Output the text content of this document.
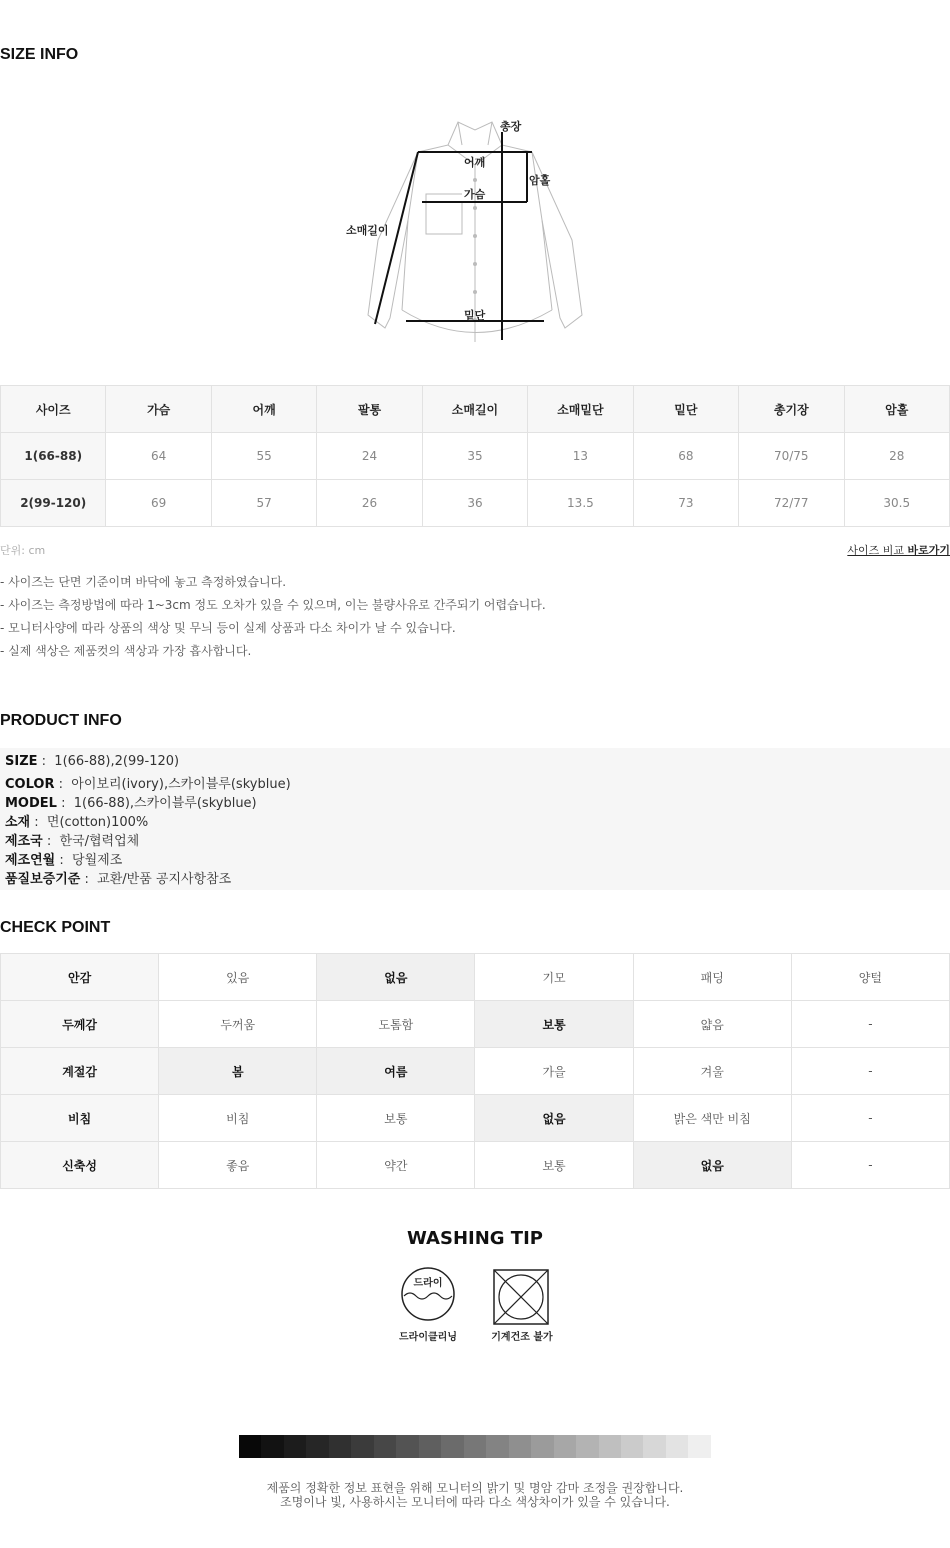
SIZE INFO
총장
어깨
암홀
가슴
소매길이
밑단
사이즈	가슴	어깨	팔통	소매길이	소매밑단	밑단	총기장	암홀
1(66-88)	64	55	24	35	13	68	70/75	28
2(99-120)	69	57	26	36	13.5	73	72/77	30.5
단위: cm	사이즈 비교 바로가기
- 사이즈는 단면 기준이며 바닥에 놓고 측정하였습니다.
- 사이즈는 측정방법에 따라 1~3cm 정도 오차가 있을 수 있으며, 이는 불량사유로 간주되기 어렵습니다.
- 모니터사양에 따라 상품의 색상 및 무늬 등이 실제 상품과 다소 차이가 날 수 있습니다.
- 실제 색상은 제품컷의 색상과 가장 흡사합니다.
PRODUCT INFO
SIZE :  1(66-88),2(99-120)
COLOR :  아이보리(ivory),스카이블루(skyblue)
MODEL :  1(66-88),스카이블루(skyblue)
소재 :  면(cotton)100%
제조국 :  한국/협력업체
제조연월 :  당월제조
품질보증기준 :  교환/반품 공지사항참조
CHECK POINT
안감	있음	없음	기모	패딩	양털
두께감	두꺼움	도톰함	보통	얇음	-
계절감	봄	여름	가을	겨울	-
비침	비침	보통	없음	밝은 색만 비침	-
신축성	좋음	약간	보통	없음	-
WASHING TIP
드라이
드라이클리닝	기계건조 불가
제품의 정확한 정보 표현을 위해 모니터의 밝기 및 명암 감마 조정을 권장합니다.
조명이나 빛, 사용하시는 모니터에 따라 다소 색상차이가 있을 수 있습니다.
